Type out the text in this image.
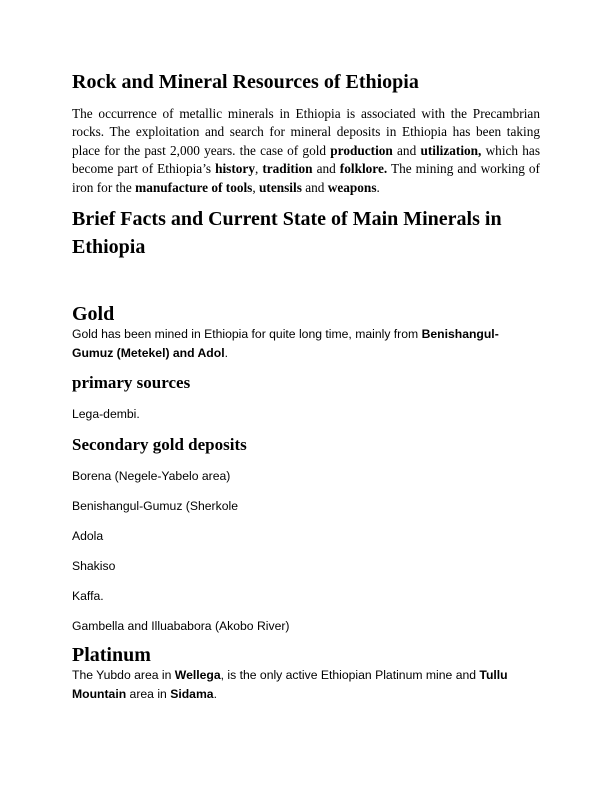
Rock and Mineral Resources of Ethiopia

The occurrence of metallic minerals in Ethiopia is associated with the Precambrian rocks. The exploitation and search for mineral deposits in Ethiopia has been taking place for the past 2,000 years. the case of gold production and utilization, which has become part of Ethiopia’s history, tradition and folklore. The mining and working of iron for the manufacture of tools, utensils and weapons.

Brief Facts and Current State of Main Minerals in Ethiopia
Gold

Gold has been mined in Ethiopia for quite long time, mainly from Benishangul-Gumuz (Metekel) and Adol.

primary sources

Lega-dembi.

Secondary gold deposits

Borena (Negele-Yabelo area)

Benishangul-Gumuz (Sherkole

Adola

Shakiso

Kaffa.

Gambella and Illuababora (Akobo River)

Platinum

The Yubdo area in Wellega, is the only active Ethiopian Platinum mine and Tullu Mountain area in Sidama.
